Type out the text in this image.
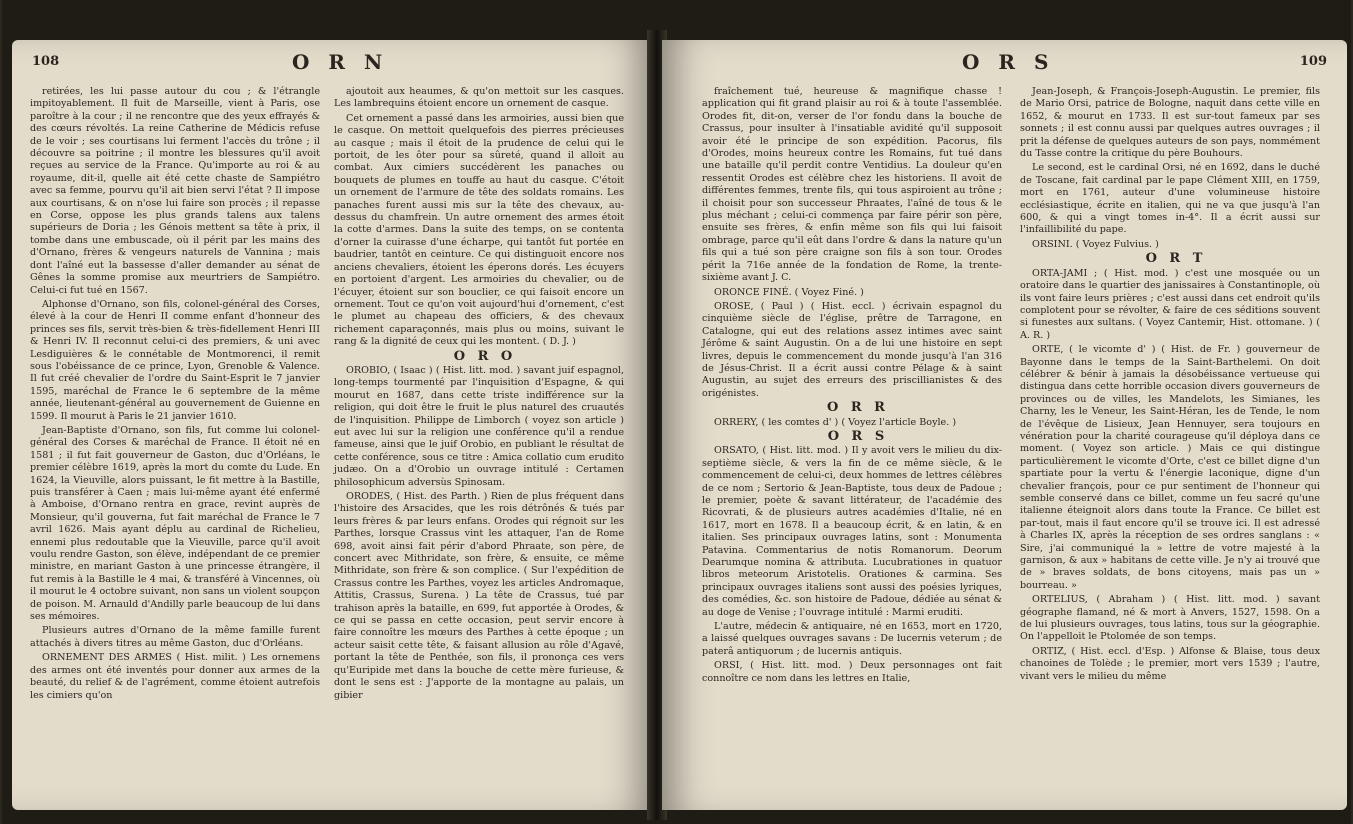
108	O R N

retirées, les lui passe autour du cou ; & l'étrangle impitoyablement. Il fuit de Marseille, vient à Paris, ose paroître à la cour ; il ne rencontre que des yeux effrayés & des cœurs révoltés. La reine Catherine de Médicis refuse de le voir ; ses courtisans lui ferment l'accès du trône ; il découvre sa poitrine ; il montre les blessures qu'il avoit reçues au service de la France. Qu'importe au roi & au royaume, dit-il, quelle ait été cette chaste de Sampiétro avec sa femme, pourvu qu'il ait bien servi l'état ? Il impose aux courtisans, & on n'ose lui faire son procès ; il repasse en Corse, oppose les plus grands talens aux talens supérieurs de Doria ; les Génois mettent sa tête à prix, il tombe dans une embuscade, où il périt par les mains des d'Ornano, frères & vengeurs naturels de Vannina ; mais dont l'aîné eut la bassesse d'aller demander au sénat de Gênes la somme promise aux meurtriers de Sampiétro. Celui-ci fut tué en 1567.

Alphonse d'Ornano, son fils, colonel-général des Corses, élevé à la cour de Henri II comme enfant d'honneur des princes ses fils, servit très-bien & très-fidellement Henri III & Henri IV. Il reconnut celui-ci des premiers, & uni avec Lesdiguières & le connétable de Montmorenci, il remit sous l'obéissance de ce prince, Lyon, Grenoble & Valence. Il fut créé chevalier de l'ordre du Saint-Esprit le 7 janvier 1595, maréchal de France le 6 septembre de la même année, lieutenant-général au gouvernement de Guienne en 1599. Il mourut à Paris le 21 janvier 1610.

Jean-Baptiste d'Ornano, son fils, fut comme lui colonel-général des Corses & maréchal de France. Il étoit né en 1581 ; il fut fait gouverneur de Gaston, duc d'Orléans, le premier célèbre 1619, après la mort du comte du Lude. En 1624, la Vieuville, alors puissant, le fit mettre à la Bastille, puis transférer à Caen ; mais lui-même ayant été enfermé à Amboise, d'Ornano rentra en grace, revint auprès de Monsieur, qu'il gouverna, fut fait maréchal de France le 7 avril 1626. Mais ayant déplu au cardinal de Richelieu, ennemi plus redoutable que la Vieuville, parce qu'il avoit voulu rendre Gaston, son élève, indépendant de ce premier ministre, en mariant Gaston à une princesse étrangère, il fut remis à la Bastille le 4 mai, & transféré à Vincennes, où il mourut le 4 octobre suivant, non sans un violent soupçon de poison. M. Arnauld d'Andilly parle beaucoup de lui dans ses mémoires.

Plusieurs autres d'Ornano de la même famille furent attachés à divers titres au même Gaston, duc d'Orléans.

ORNEMENT DES ARMES ( Hist. milit. ) Les ornemens des armes ont été inventés pour donner aux armes de la beauté, du relief & de l'agrément, comme étoient autrefois les cimiers qu'on

ajoutoit aux heaumes, & qu'on mettoit sur les casques. Les lambrequins étoient encore un ornement de casque.

Cet ornement a passé dans les armoiries, aussi bien que le casque. On mettoit quelquefois des pierres précieuses au casque ; mais il étoit de la prudence de celui qui le portoit, de les ôter pour sa sûreté, quand il alloit au combat. Aux cimiers succédèrent les panaches ou bouquets de plumes en touffe au haut du casque. C'étoit un ornement de l'armure de tête des soldats romains. Les panaches furent aussi mis sur la tête des chevaux, au-dessus du chamfrein. Un autre ornement des armes étoit la cotte d'armes. Dans la suite des temps, on se contenta d'orner la cuirasse d'une écharpe, qui tantôt fut portée en baudrier, tantôt en ceinture. Ce qui distinguoit encore nos anciens chevaliers, étoient les éperons dorés. Les écuyers en portoient d'argent. Les armoiries du chevalier, ou de l'écuyer, étoient sur son bouclier, ce qui faisoit encore un ornement. Tout ce qu'on voit aujourd'hui d'ornement, c'est le plumet au chapeau des officiers, & des chevaux richement caparaçonnés, mais plus ou moins, suivant le rang & la dignité de ceux qui les montent. ( D. J. )

O R O

OROBIO, ( Isaac ) ( Hist. litt. mod. ) savant juif espagnol, long-temps tourmenté par l'inquisition d'Espagne, & qui mourut en 1687, dans cette triste indifférence sur la religion, qui doit être le fruit le plus naturel des cruautés de l'inquisition. Philippe de Limborch ( voyez son article ) eut avec lui sur la religion une conférence qu'il a rendue fameuse, ainsi que le juif Orobio, en publiant le résultat de cette conférence, sous ce titre : Amica collatio cum erudito judæo. On a d'Orobio un ouvrage intitulé : Certamen philosophicum adversùs Spinosam.

ORODES, ( Hist. des Parth. ) Rien de plus fréquent dans l'histoire des Arsacides, que les rois détrônés & tués par leurs frères & par leurs enfans. Orodes qui régnoit sur les Parthes, lorsque Crassus vint les attaquer, l'an de Rome 698, avoit ainsi fait périr d'abord Phraate, son père, de concert avec Mithridate, son frère, & ensuite, ce même Mithridate, son frère & son complice. ( Sur l'expédition de Crassus contre les Parthes, voyez les articles Andromaque, Attitis, Crassus, Surena. ) La tête de Crassus, tué par trahison après la bataille, en 699, fut apportée à Orodes, & ce qui se passa en cette occasion, peut servir encore à faire connoître les mœurs des Parthes à cette époque ; un acteur saisit cette tête, & faisant allusion au rôle d'Agavé, portant la tête de Penthée, son fils, il prononça ces vers qu'Euripide met dans la bouche de cette mère furieuse, & dont le sens est : J'apporte de la montagne au palais, un gibier

O R S	109

fraîchement tué, heureuse & magnifique chasse ! application qui fit grand plaisir au roi & à toute l'assemblée. Orodes fit, dit-on, verser de l'or fondu dans la bouche de Crassus, pour insulter à l'insatiable avidité qu'il supposoit avoir été le principe de son expédition. Pacorus, fils d'Orodes, moins heureux contre les Romains, fut tué dans une bataille qu'il perdit contre Ventidius. La douleur qu'en ressentit Orodes est célèbre chez les historiens. Il avoit de différentes femmes, trente fils, qui tous aspiroient au trône ; il choisit pour son successeur Phraates, l'aîné de tous & le plus méchant ; celui-ci commença par faire périr son père, ensuite ses frères, & enfin même son fils qui lui faisoit ombrage, parce qu'il eût dans l'ordre & dans la nature qu'un fils qui a tué son père craigne son fils à son tour. Orodes périt la 716e année de la fondation de Rome, la trente-sixième avant J. C.

ORONCE FINÉ. ( Voyez Finé. )

OROSE, ( Paul ) ( Hist. eccl. ) écrivain espagnol du cinquième siècle de l'église, prêtre de Tarragone, en Catalogne, qui eut des relations assez intimes avec saint Jérôme & saint Augustin. On a de lui une histoire en sept livres, depuis le commencement du monde jusqu'à l'an 316 de Jésus-Christ. Il a écrit aussi contre Pélage & à saint Augustin, au sujet des erreurs des priscillianistes & des origénistes.

O R R

ORRERY, ( les comtes d' ) ( Voyez l'article Boyle. )

O R S

ORSATO, ( Hist. litt. mod. ) Il y avoit vers le milieu du dix-septième siècle, & vers la fin de ce même siècle, & le commencement de celui-ci, deux hommes de lettres célèbres de ce nom ; Sertorio & Jean-Baptiste, tous deux de Padoue ; le premier, poète & savant littérateur, de l'académie des Ricovrati, & de plusieurs autres académies d'Italie, né en 1617, mort en 1678. Il a beaucoup écrit, & en latin, & en italien. Ses principaux ouvrages latins, sont : Monumenta Patavina. Commentarius de notis Romanorum. Deorum Dearumque nomina & attributa. Lucubrationes in quatuor libros meteorum Aristotelis. Orationes & carmina. Ses principaux ouvrages italiens sont aussi des poésies lyriques, des comédies, &c. son histoire de Padoue, dédiée au sénat & au doge de Venise ; l'ouvrage intitulé : Marmi eruditi.

L'autre, médecin & antiquaire, né en 1653, mort en 1720, a laissé quelques ouvrages savans : De lucernis veterum ; de paterâ antiquorum ; de lucernis antiquis.

ORSI, ( Hist. litt. mod. ) Deux personnages ont fait connoître ce nom dans les lettres en Italie,

Jean-Joseph, & François-Joseph-Augustin. Le premier, fils de Mario Orsi, patrice de Bologne, naquit dans cette ville en 1652, & mourut en 1733. Il est sur-tout fameux par ses sonnets ; il est connu aussi par quelques autres ouvrages ; il prit la défense de quelques auteurs de son pays, nommément du Tasse contre la critique du père Bouhours.

Le second, est le cardinal Orsi, né en 1692, dans le duché de Toscane, fait cardinal par le pape Clément XIII, en 1759, mort en 1761, auteur d'une volumineuse histoire ecclésiastique, écrite en italien, qui ne va que jusqu'à l'an 600, & qui a vingt tomes in-4°. Il a écrit aussi sur l'infaillibilité du pape.

ORSINI. ( Voyez Fulvius. )

O R T

ORTA-JAMI ; ( Hist. mod. ) c'est une mosquée ou un oratoire dans le quartier des janissaires à Constantinople, où ils vont faire leurs prières ; c'est aussi dans cet endroit qu'ils complotent pour se révolter, & faire de ces séditions souvent si funestes aux sultans. ( Voyez Cantemir, Hist. ottomane. ) ( A. R. )

ORTE, ( le vicomte d' ) ( Hist. de Fr. ) gouverneur de Bayonne dans le temps de la Saint-Barthelemi. On doit célébrer & bénir à jamais la désobéissance vertueuse qui distingua dans cette horrible occasion divers gouverneurs de provinces ou de villes, les Mandelots, les Simianes, les Charny, les le Veneur, les Saint-Héran, les de Tende, le nom de l'évêque de Lisieux, Jean Hennuyer, sera toujours en vénération pour la charité courageuse qu'il déploya dans ce moment. ( Voyez son article. ) Mais ce qui distingue particulièrement le vicomte d'Orte, c'est ce billet digne d'un spartiate pour la vertu & l'énergie laconique, digne d'un chevalier françois, pour ce pur sentiment de l'honneur qui semble conservé dans ce billet, comme un feu sacré qu'une italienne éteignoit alors dans toute la France. Ce billet est par-tout, mais il faut encore qu'il se trouve ici. Il est adressé à Charles IX, après la réception de ses ordres sanglans : « Sire, j'ai communiqué la » lettre de votre majesté à la garnison, & aux » habitans de cette ville. Je n'y ai trouvé que de » braves soldats, de bons citoyens, mais pas un » bourreau. »

ORTELIUS, ( Abraham ) ( Hist. litt. mod. ) savant géographe flamand, né & mort à Anvers, 1527, 1598. On a de lui plusieurs ouvrages, tous latins, tous sur la géographie. On l'appelloit le Ptolomée de son temps.

ORTIZ, ( Hist. eccl. d'Esp. ) Alfonse & Blaise, tous deux chanoines de Tolède ; le premier, mort vers 1539 ; l'autre, vivant vers le milieu du même
